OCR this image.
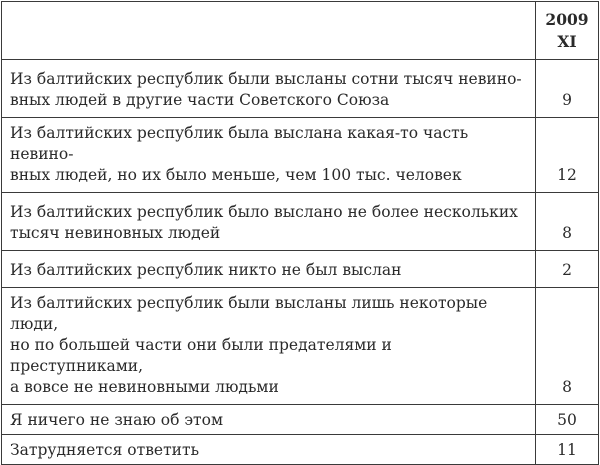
	2009
XI

Из балтийских республик были высланы сотни тысяч невино-
вных людей в другие части Советского Союза	9
Из балтийских республик была выслана какая-то часть невино-
вных людей, но их было меньше, чем 100 тыс. человек	12
Из балтийских республик было выслано не более нескольких
тысяч невиновных людей	8
Из балтийских республик никто не был выслан	2
Из балтийских республик были высланы лишь некоторые люди,
но по большей части они были предателями и преступниками,
а вовсе не невиновными людьми	8
Я ничего не знаю об этом	50
Затрудняется ответить	11
